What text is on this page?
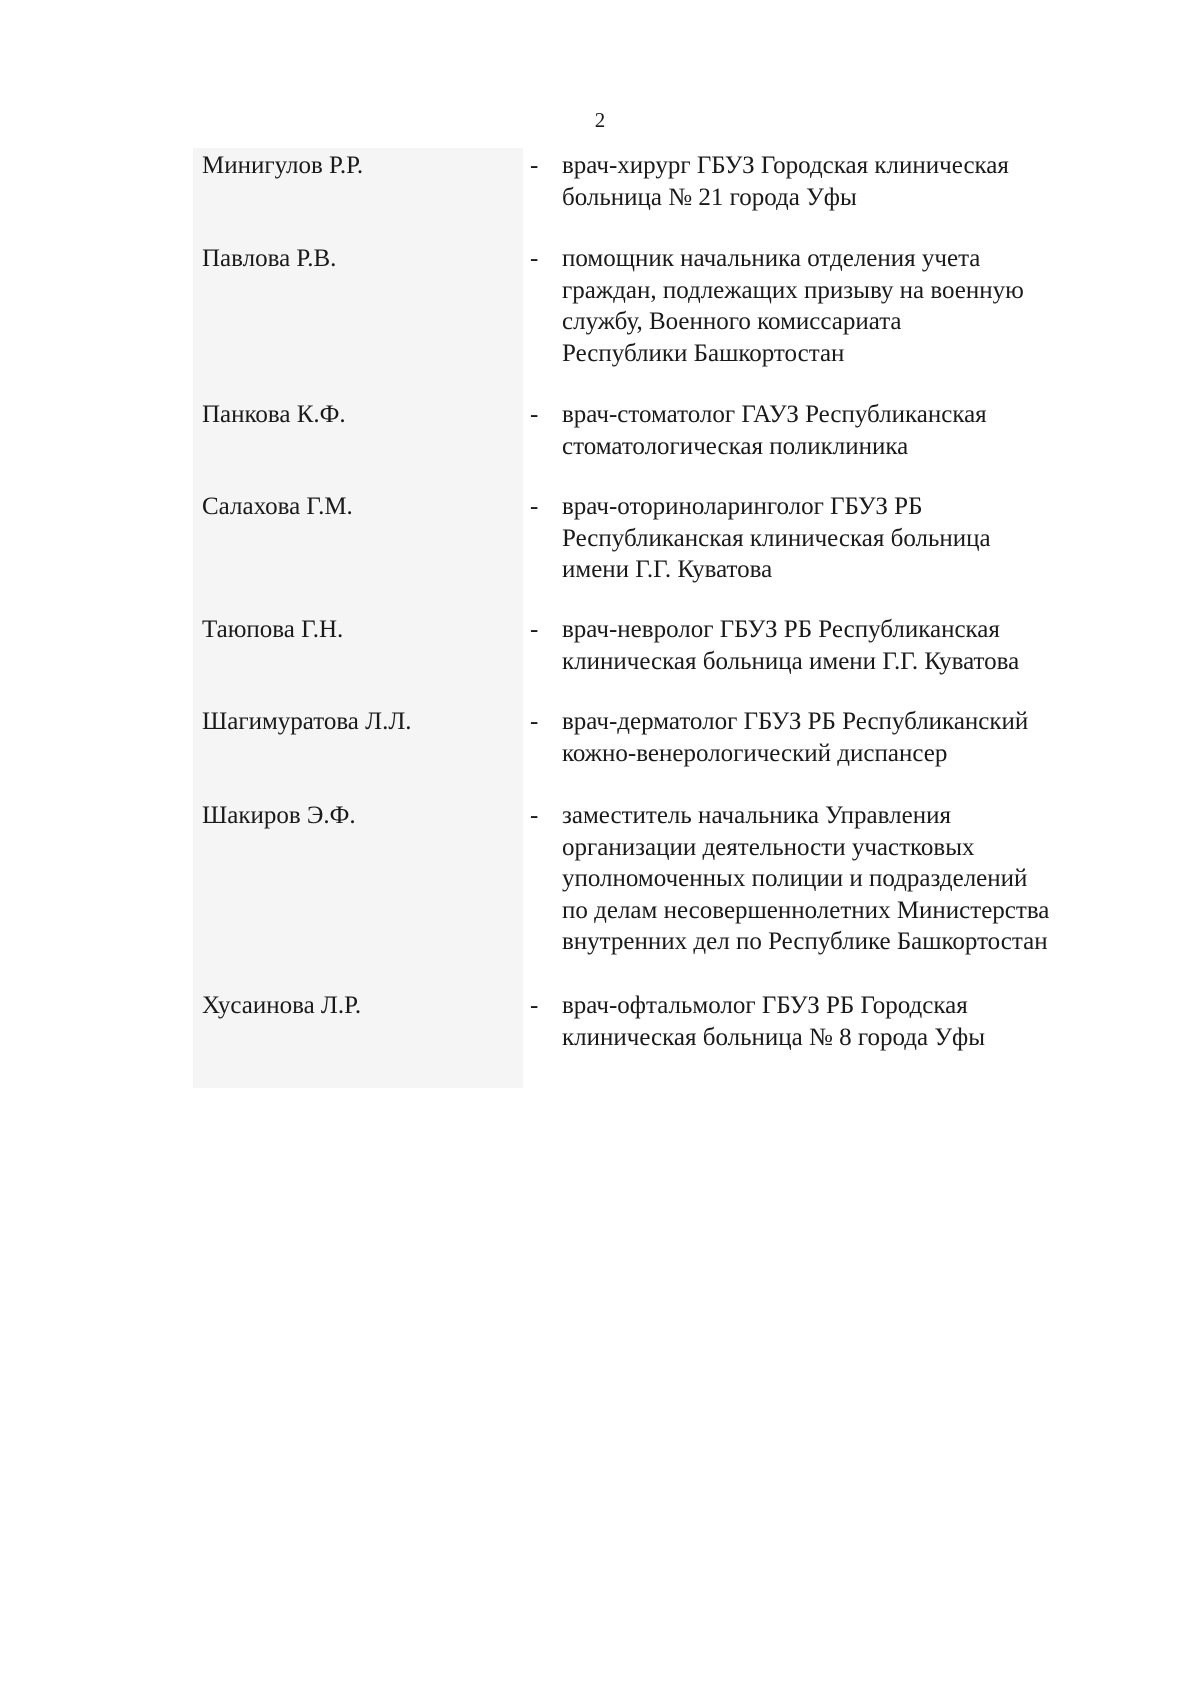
2
Минигулов Р.Р.	- врач-хирург ГБУЗ Городская клиническая
больница № 21 города Уфы
Павлова Р.В.	- помощник начальника отделения учета
граждан, подлежащих призыву на военную
службу, Военного комиссариата
Республики Башкортостан
Панкова К.Ф.	- врач-стоматолог ГАУЗ Республиканская
стоматологическая поликлиника
Салахова Г.М.	- врач-оториноларинголог ГБУЗ РБ
Республиканская клиническая больница
имени Г.Г. Куватова
Таюпова Г.Н.	- врач-невролог ГБУЗ РБ Республиканская
клиническая больница имени Г.Г. Куватова
Шагимуратова Л.Л.	- врач-дерматолог ГБУЗ РБ Республиканский
кожно-венерологический диспансер
Шакиров Э.Ф.	- заместитель начальника Управления
организации деятельности участковых
уполномоченных полиции и подразделений
по делам несовершеннолетних Министерства
внутренних дел по Республике Башкортостан
Хусаинова Л.Р.	- врач-офтальмолог ГБУЗ РБ Городская
клиническая больница № 8 города Уфы
